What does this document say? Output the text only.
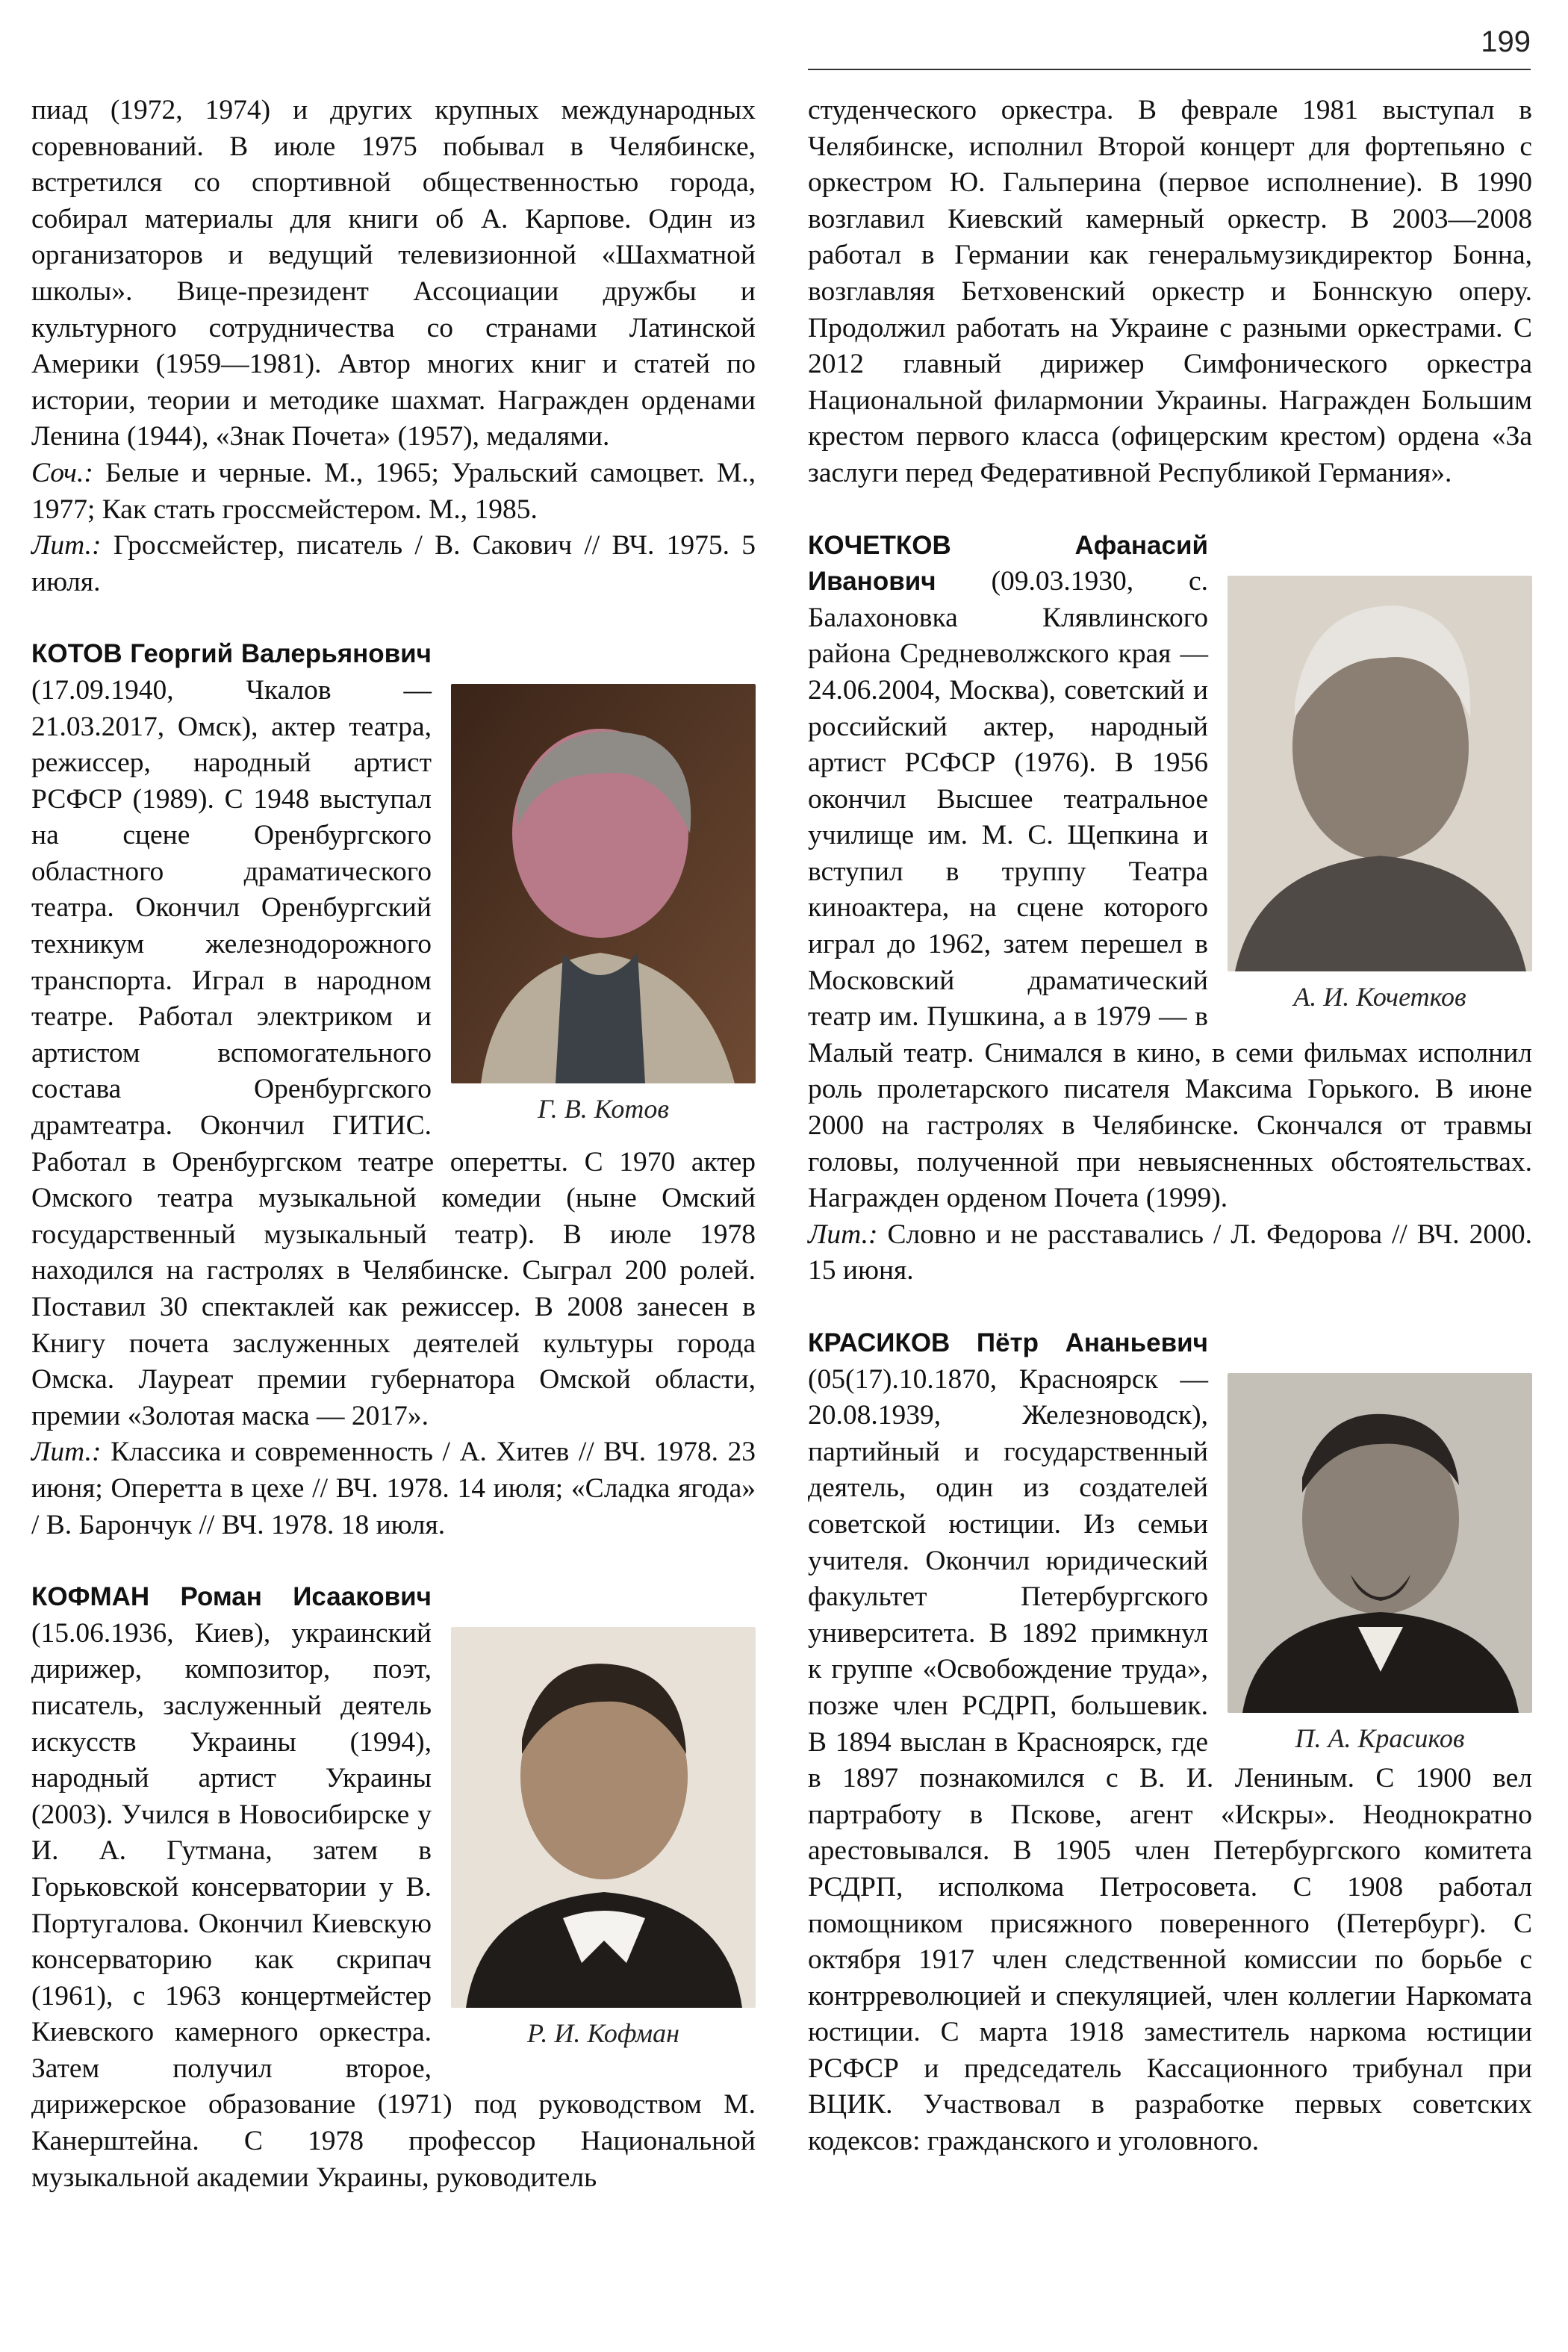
199

пиад (1972, 1974) и других крупных международных соревнований. В июле 1975 побывал в Челябинске, встретился со спортивной общественностью города, собирал материалы для книги об А. Карпове. Один из организаторов и ведущий телевизионной «Шахматной школы». Вице-президент Ассоциации дружбы и культурного сотрудничества со странами Латинской Америки (1959—1981). Автор многих книг и статей по истории, теории и методике шахмат. Награжден орденами Ленина (1944), «Знак Почета» (1957), медалями.

Соч.: Белые и черные. М., 1965; Уральский самоцвет. М., 1977; Как стать гроссмейстером. М., 1985.

Лит.: Гроссмейстер, писатель / В. Сакович // ВЧ. 1975. 5 июля.

Г. В. Котов

КОТОВ Георгий Валерьянович (17.09.1940, Чкалов — 21.03.2017, Омск), актер театра, режиссер, народный артист РСФСР (1989). С 1948 выступал на сцене Оренбургского областного драматического театра. Окончил Оренбургский техникум железнодорожного транспорта. Играл в народном театре. Работал электриком и артистом вспомогательного состава Оренбургского драмтеатра. Окончил ГИТИС. Работал в Оренбургском театре оперетты. С 1970 актер Омского театра музыкальной комедии (ныне Омский государственный музыкальный театр). В июле 1978 находился на гастролях в Челябинске. Сыграл 200 ролей. Поставил 30 спектаклей как режиссер. В 2008 занесен в Книгу почета заслуженных деятелей культуры города Омска. Лауреат премии губернатора Омской области, премии «Золотая маска — 2017».

Лит.: Классика и современность / А. Хитев // ВЧ. 1978. 23 июня; Оперетта в цехе // ВЧ. 1978. 14 июля; «Сладка ягода» / В. Барончук // ВЧ. 1978. 18 июля.

Р. И. Кофман

КОФМАН Роман Исаакович (15.06.1936, Киев), украинский дирижер, композитор, поэт, писатель, заслуженный деятель искусств Украины (1994), народный артист Украины (2003). Учился в Новосибирске у И. А. Гутмана, затем в Горьковской консерватории у В. Португалова. Окончил Киевскую консерваторию как скрипач (1961), с 1963 концертмейстер Киевского камерного оркестра. Затем получил второе, дирижерское образование (1971) под руководством М. Канерштейна. С 1978 профессор Национальной музыкальной академии Украины, руководитель

студенческого оркестра. В феврале 1981 выступал в Челябинске, исполнил Второй концерт для фортепьяно с оркестром Ю. Гальперина (первое исполнение). В 1990 возглавил Киевский камерный оркестр. В 2003—2008 работал в Германии как генеральмузикдиректор Бонна, возглавляя Бетховенский оркестр и Боннскую оперу. Продолжил работать на Украине с разными оркестрами. С 2012 главный дирижер Симфонического оркестра Национальной филармонии Украины. Награжден Большим крестом первого класса (офицерским крестом) ордена «За заслуги перед Федеративной Республикой Германия».

А. И. Кочетков

КОЧЕТКОВ Афанасий Иванович (09.03.1930, с. Балахоновка Клявлинского района Средневолжского края — 24.06.2004, Москва), советский и российский актер, народный артист РСФСР (1976). В 1956 окончил Высшее театральное училище им. М. С. Щепкина и вступил в труппу Театра киноактера, на сцене которого играл до 1962, затем перешел в Московский драматический театр им. Пушкина, а в 1979 — в Малый театр. Снимался в кино, в семи фильмах исполнил роль пролетарского писателя Максима Горького. В июне 2000 на гастролях в Челябинске. Скончался от травмы головы, полученной при невыясненных обстоятельствах. Награжден орденом Почета (1999).

Лит.: Словно и не расставались / Л. Федорова // ВЧ. 2000. 15 июня.

П. А. Красиков

КРАСИКОВ Пётр Ананьевич (05(17).10.1870, Красноярск — 20.08.1939, Железноводск), партийный и государственный деятель, один из создателей советской юстиции. Из семьи учителя. Окончил юридический факультет Петербургского университета. В 1892 примкнул к группе «Освобождение труда», позже член РСДРП, большевик. В 1894 выслан в Красноярск, где в 1897 познакомился с В. И. Лениным. С 1900 вел партработу в Пскове, агент «Искры». Неоднократно арестовывался. В 1905 член Петербургского комитета РСДРП, исполкома Петросовета. С 1908 работал помощником присяжного поверенного (Петербург). С октября 1917 член следственной комиссии по борьбе с контрреволюцией и спекуляцией, член коллегии Наркомата юстиции. С марта 1918 заместитель наркома юстиции РСФСР и председатель Кассационного трибунал при ВЦИК. Участвовал в разработке первых советских кодексов: гражданского и уголовного.
